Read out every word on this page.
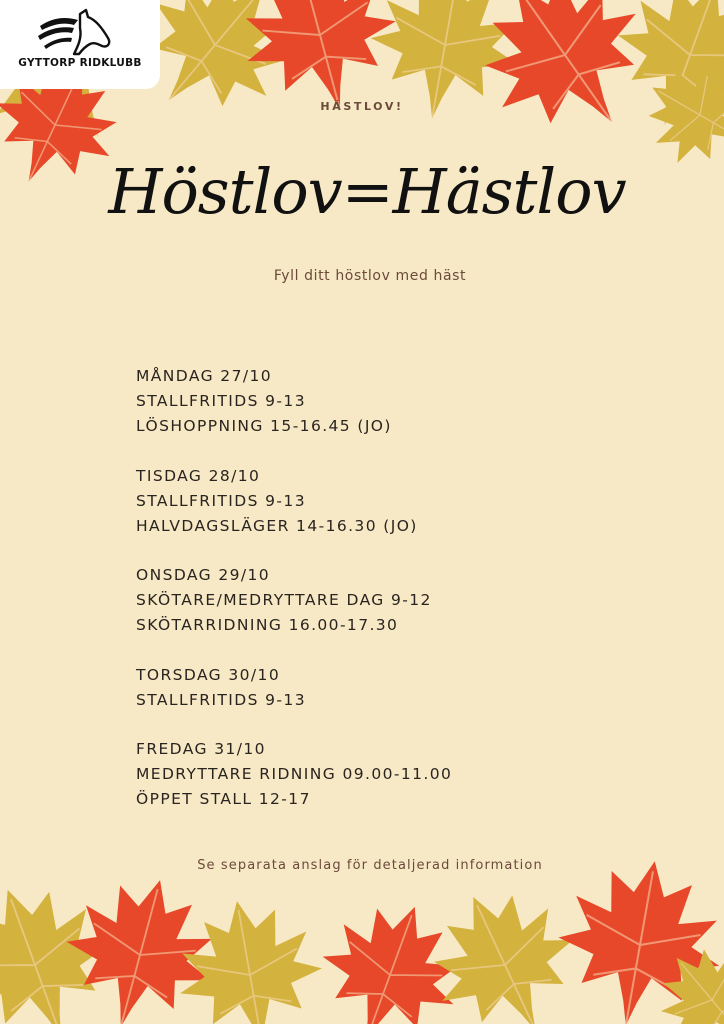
GYTTORP RIDKLUBB
HÄSTLOV!
Höstlov=Hästlov
Fyll ditt höstlov med häst
MÅNDAG 27/10
STALLFRITIDS 9-13
LÖSHOPPNING 15-16.45 (JO)
TISDAG 28/10
STALLFRITIDS 9-13
HALVDAGSLÄGER 14-16.30 (JO)
ONSDAG 29/10
SKÖTARE/MEDRYTTARE DAG 9-12
SKÖTARRIDNING 16.00-17.30
TORSDAG 30/10
STALLFRITIDS 9-13
FREDAG 31/10
MEDRYTTARE RIDNING 09.00-11.00
ÖPPET STALL 12-17
Se separata anslag för detaljerad information
